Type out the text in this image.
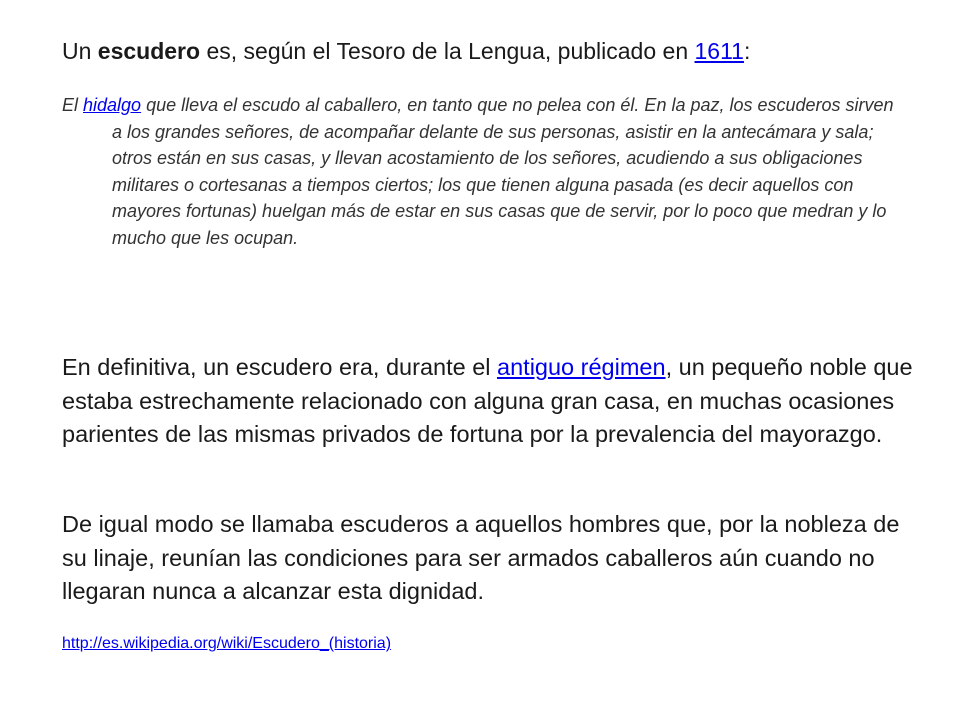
Un escudero es, según el Tesoro de la Lengua, publicado en 1611:
El hidalgo que lleva el escudo al caballero, en tanto que no pelea con él. En la paz, los escuderos sirven a los grandes señores, de acompañar delante de sus personas, asistir en la antecámara y sala; otros están en sus casas, y llevan acostamiento de los señores, acudiendo a sus obligaciones militares o cortesanas a tiempos ciertos; los que tienen alguna pasada (es decir aquellos con mayores fortunas) huelgan más de estar en sus casas que de servir, por lo poco que medran y lo mucho que les ocupan.
En definitiva, un escudero era, durante el antiguo régimen, un pequeño noble que estaba estrechamente relacionado con alguna gran casa, en muchas ocasiones parientes de las mismas privados de fortuna por la prevalencia del mayorazgo.
De igual modo se llamaba escuderos a aquellos hombres que, por la nobleza de su linaje, reunían las condiciones para ser armados caballeros aún cuando no llegaran nunca a alcanzar esta dignidad.
http://es.wikipedia.org/wiki/Escudero_(historia)
